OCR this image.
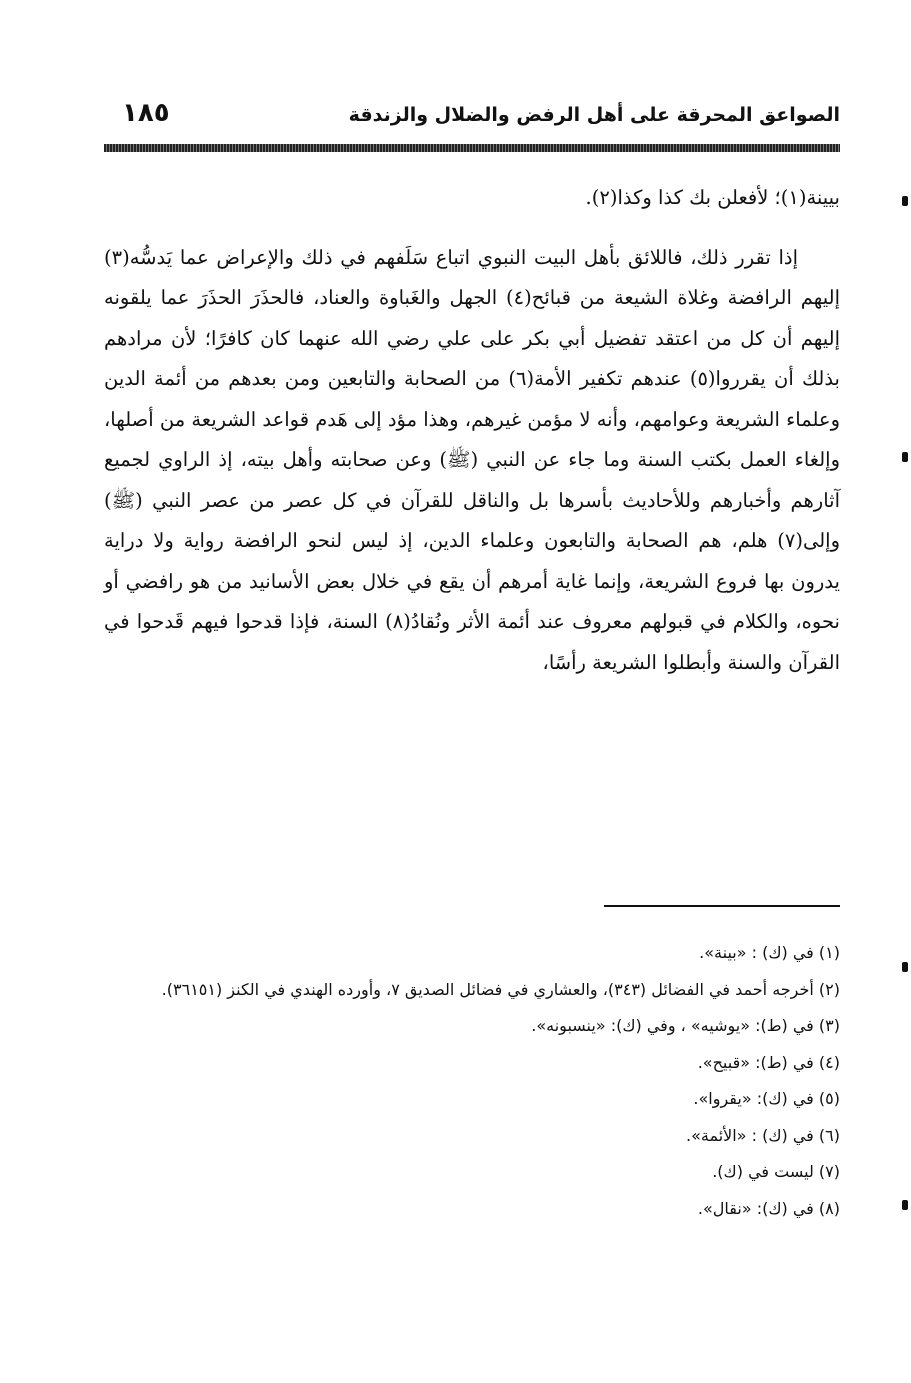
الصواعق المحرقة على أهل الرفض والضلال والزندقة
١٨٥

بيينة(١)؛ لأفعلن بك كذا وكذا(٢).

إذا تقرر ذلك، فاللائق بأهل البيت النبوي اتباع سَلَفهم في ذلك والإعراض عما يَدسُّه(٣) إليهم الرافضة وغلاة الشيعة من قبائح(٤) الجهل والغَباوة والعناد، فالحذَرَ الحذَرَ عما يلقونه إليهم أن كل من اعتقد تفضيل أبي بكر على علي رضي الله عنهما كان كافرًا؛ لأن مرادهم بذلك أن يقرروا(٥) عندهم تكفير الأمة(٦) من الصحابة والتابعين ومن بعدهم من أئمة الدين وعلماء الشريعة وعوامهم، وأنه لا مؤمن غيرهم، وهذا مؤد إلى هَدم قواعد الشريعة من أصلها، وإلغاء العمل بكتب السنة وما جاء عن النبي (ﷺ) وعن صحابته وأهل بيته، إذ الراوي لجميع آثارهم وأخبارهم وللأحاديث بأسرها بل والناقل للقرآن في كل عصر من عصر النبي (ﷺ) وإلى(٧) هلم، هم الصحابة والتابعون وعلماء الدين، إذ ليس لنحو الرافضة رواية ولا دراية يدرون بها فروع الشريعة، وإنما غاية أمرهم أن يقع في خلال بعض الأسانيد من هو رافضي أو نحوه، والكلام في قبولهم معروف عند أئمة الأثر ونُقادُ(٨) السنة، فإذا قدحوا فيهم قَدحوا في القرآن والسنة وأبطلوا الشريعة رأسًا،

(١) في (ك) : «بينة».
(٢) أخرجه أحمد في الفضائل (٣٤٣)، والعشاري في فضائل الصديق ٧، وأورده الهندي في الكنز (٣٦١٥١).
(٣) في (ط): «يوشيه» ، وفي (ك): «ينسبونه».
(٤) في (ط): «قبيح».
(٥) في (ك): «يقروا».
(٦) في (ك) : «الأئمة».
(٧) ليست في (ك).
(٨) في (ك): «نقال».
